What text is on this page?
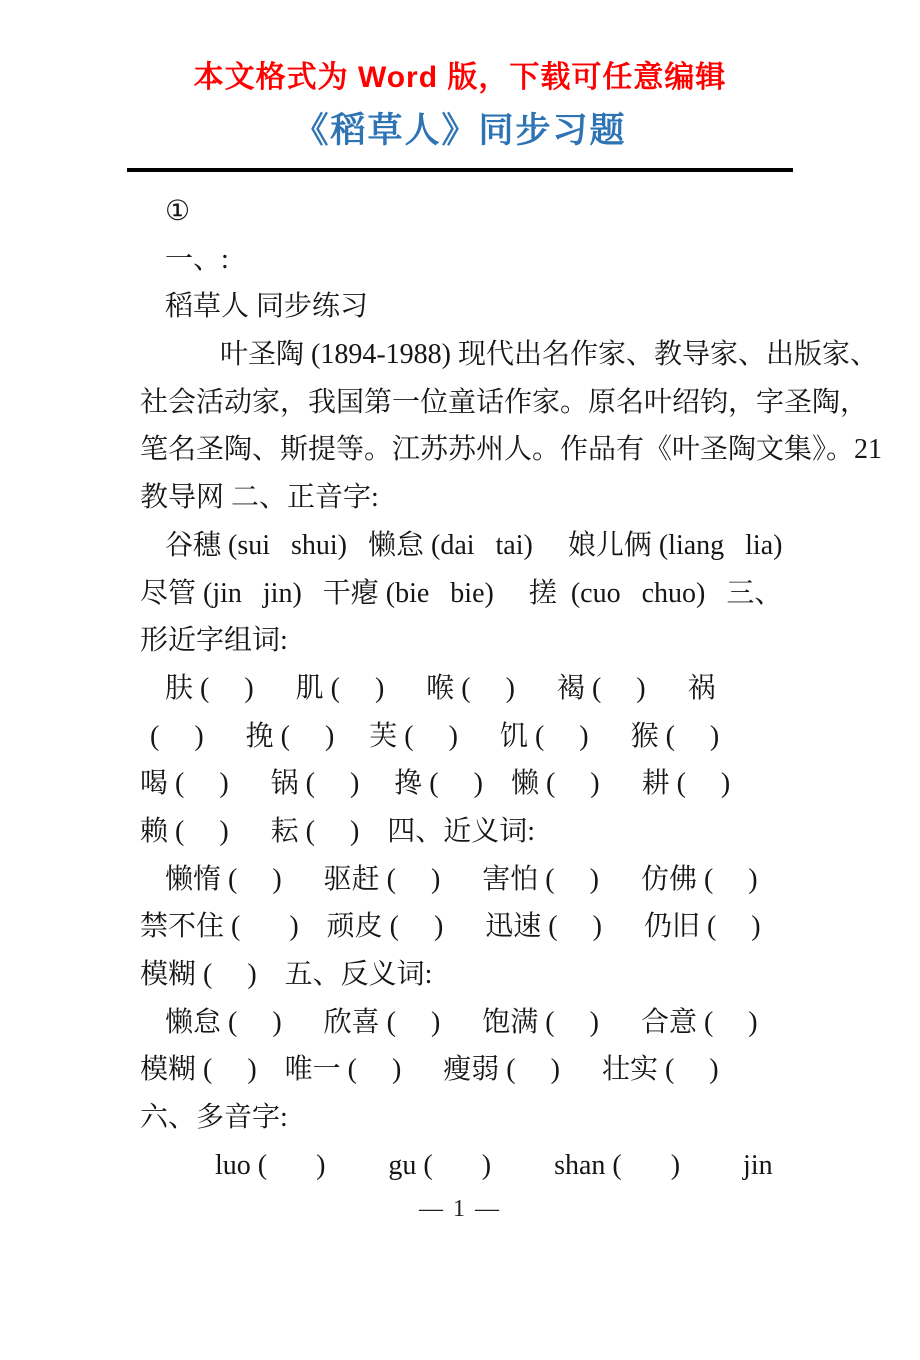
本文格式为 Word 版，下载可任意编辑
《稻草人》同步习题
①
一、:
稻草人 同步练习
叶圣陶 (1894-1988) 现代出名作家、教导家、出版家、
社会活动家，我国第一位童话作家。原名叶绍钧，字圣陶，
笔名圣陶、斯提等。江苏苏州人。作品有《叶圣陶文集》。21
教导网 二、正音字:
谷穗 (sui   shui)   懒怠 (dai   tai)     娘儿俩 (liang   lia)
尽管 (jin   jin)   干瘪 (bie   bie)     搓  (cuo   chuo)   三、
形近字组词:
肤 (     )      肌 (     )      喉 (     )      褐 (     )      祸
(     )      挽 (     )     芙 (     )      饥 (     )      猴 (     )
喝 (     )      锅 (     )     搀 (     )    懒 (     )      耕 (     )
赖 (     )      耘 (     )    四、近义词:
懒惰 (     )      驱赶 (     )      害怕 (     )      仿佛 (     )
禁不住 (       )    顽皮 (     )      迅速 (     )      仍旧 (     )
模糊 (     )    五、反义词:
懒怠 (     )      欣喜 (     )      饱满 (     )      合意 (     )
模糊 (     )    唯一 (     )      瘦弱 (     )      壮实 (     )
六、多音字:
luo (       )         gu (       )         shan (       )         jin
— 1 —
